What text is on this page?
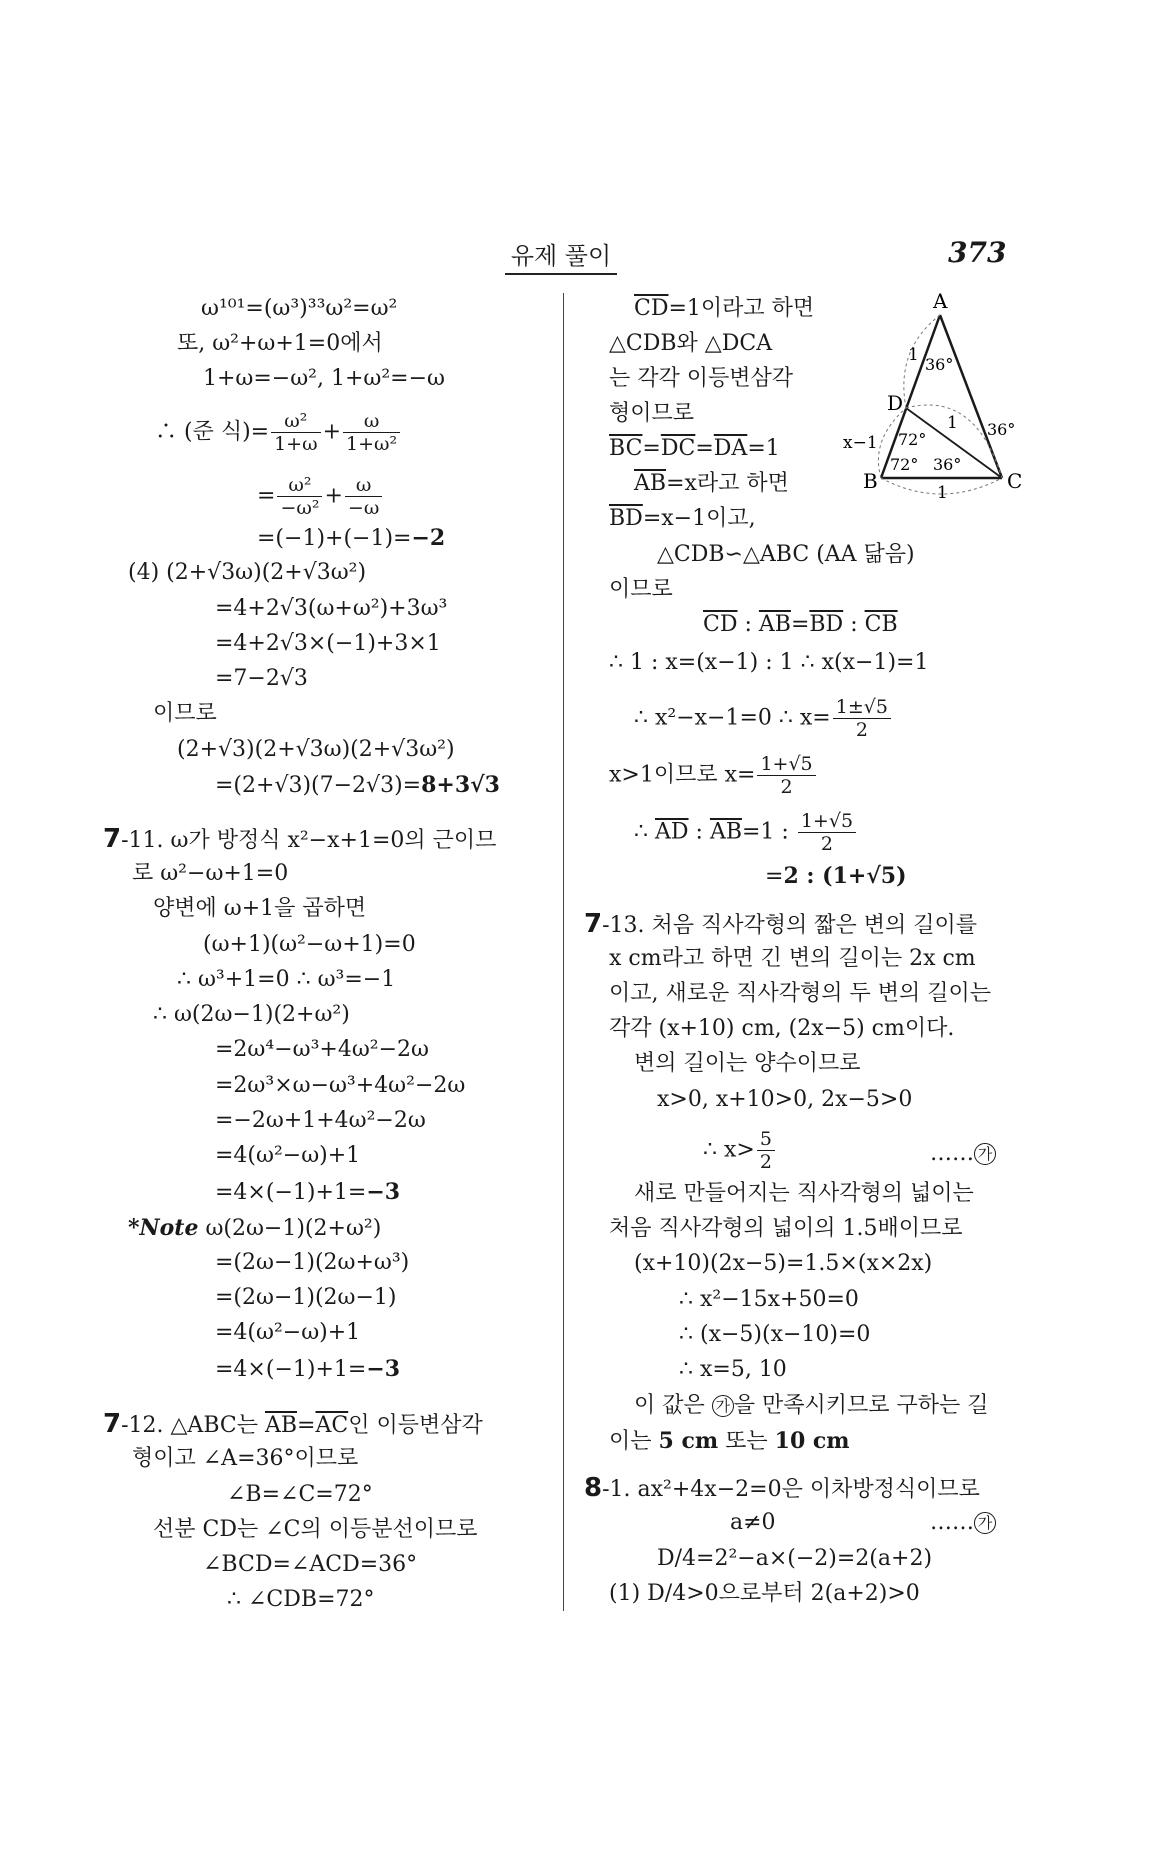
유제 풀이	373
ω¹⁰¹=(ω³)³³ω²=ω²
또, ω²+ω+1=0에서
1+ω=−ω², 1+ω²=−ω
∴ (준 식)= $\frac{\text{ω²}}{1+\omega} + \frac{\omega}{\text{1+ω²}}$
= $\frac{\text{ω²}}{\text{−ω²}} + \frac{\omega}{-\omega}$
=(−1)+(−1)=−2
(4) (2+√3ω)(2+√3ω²)
=4+2√3(ω+ω²)+3ω³
=4+2√3×(−1)+3×1
=7−2√3
이므로
(2+√3)(2+√3ω)(2+√3ω²)
=(2+√3)(7−2√3)=8+3√3
7-11. ω가 방정식 x²−x+1=0의 근이므
로 ω²−ω+1=0
양변에 ω+1을 곱하면
(ω+1)(ω²−ω+1)=0
∴ ω³+1=0 ∴ ω³=−1
∴ ω(2ω−1)(2+ω²)
=2ω⁴−ω³+4ω²−2ω
=2ω³×ω−ω³+4ω²−2ω
=−2ω+1+4ω²−2ω
=4(ω²−ω)+1
=4×(−1)+1=−3
*Note ω(2ω−1)(2+ω²)
=(2ω−1)(2ω+ω³)
=(2ω−1)(2ω−1)
=4(ω²−ω)+1
=4×(−1)+1=−3
7-12. △ABC는 $\overline{AB}=\overline{AC}$인 이등변삼각
형이고 ∠A=36°이므로
∠B=∠C=72°
선분 CD는 ∠C의 이등분선이므로
∠BCD=∠ACD=36°
∴ ∠CDB=72°
$\overline{CD}=1$이라고 하면
△CDB와 △DCA
는 각각 이등변삼각
형이므로
$\overline{BC}=\overline{DC}=\overline{DA}=1$
$\overline{AB}=x$라고 하면
$\overline{BD}=x-1$이고,
△CDB∽△ABC (AA 닮음)
이므로
$\overline{CD}$ : $\overline{AB}=\overline{BD}$ : $\overline{CB}$
∴ 1 : x=(x−1) : 1 ∴ x(x−1)=1
∴ x²−x−1=0 ∴ $x= \frac{1\pm√5}{2}$
x>1이므로 $x= \frac{1+√5}{2}$
∴ $\overline{AD}$ : $\overline{AB}=1$ : $\frac{1+√5}{2}$
=2 : (1+√5)
7-13. 처음 직사각형의 짧은 변의 길이를
x cm라고 하면 긴 변의 길이는 2x cm
이고, 새로운 직사각형의 두 변의 길이는
각각 (x+10) cm, (2x−5) cm이다.
변의 길이는 양수이므로
x>0, x+10>0, 2x−5>0
∴ $x> \frac{5}{2}$	…… 가
새로 만들어지는 직사각형의 넓이는
처음 직사각형의 넓이의 1.5배이므로
(x+10)(2x−5)=1.5×(x×2x)
∴ x²−15x+50=0
∴ (x−5)(x−10)=0
∴ x=5, 10
이 값은 가 을 만족시키므로 구하는 길
이는 5 cm 또는 10 cm
8-1. ax²+4x−2=0은 이차방정식이므로
a≠0	…… 가
D/4=2²−a×(−2)=2(a+2)
(1) D/4>0으로부터 2(a+2)>0
A
D
B	C
1 36°
1 36°
x−1 72°
72° 36°
1
